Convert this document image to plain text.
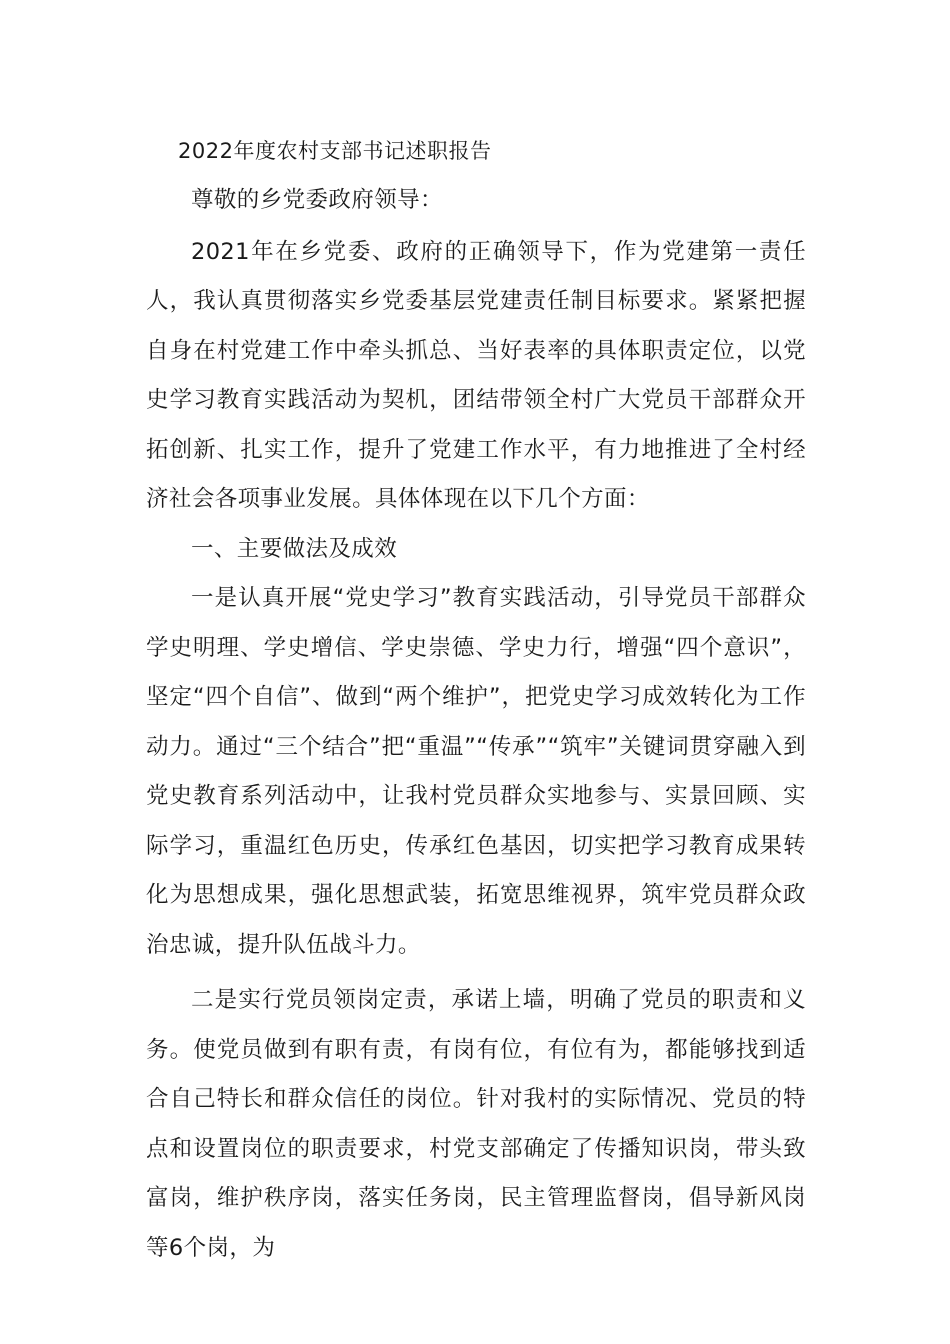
2022年度农村支部书记述职报告

尊敬的乡党委政府领导：

2021年在乡党委、政府的正确领导下，作为党建第一责任人，我认真贯彻落实乡党委基层党建责任制目标要求。紧紧把握自身在村党建工作中牵头抓总、当好表率的具体职责定位，以党史学习教育实践活动为契机，团结带领全村广大党员干部群众开拓创新、扎实工作，提升了党建工作水平，有力地推进了全村经济社会各项事业发展。具体体现在以下几个方面：

一、主要做法及成效

一是认真开展“党史学习”教育实践活动，引导党员干部群众学史明理、学史增信、学史崇德、学史力行，增强“四个意识”，坚定“四个自信”、做到“两个维护”，把党史学习成效转化为工作动力。通过“三个结合”把“重温”“传承”“筑牢”关键词贯穿融入到党史教育系列活动中，让我村党员群众实地参与、实景回顾、实际学习，重温红色历史，传承红色基因，切实把学习教育成果转化为思想成果，强化思想武装，拓宽思维视界，筑牢党员群众政治忠诚，提升队伍战斗力。

二是实行党员领岗定责，承诺上墙，明确了党员的职责和义务。使党员做到有职有责，有岗有位，有位有为，都能够找到适合自己特长和群众信任的岗位。针对我村的实际情况、党员的特点和设置岗位的职责要求，村党支部确定了传播知识岗，带头致富岗，维护秩序岗，落实任务岗，民主管理监督岗，倡导新风岗等6个岗，为
